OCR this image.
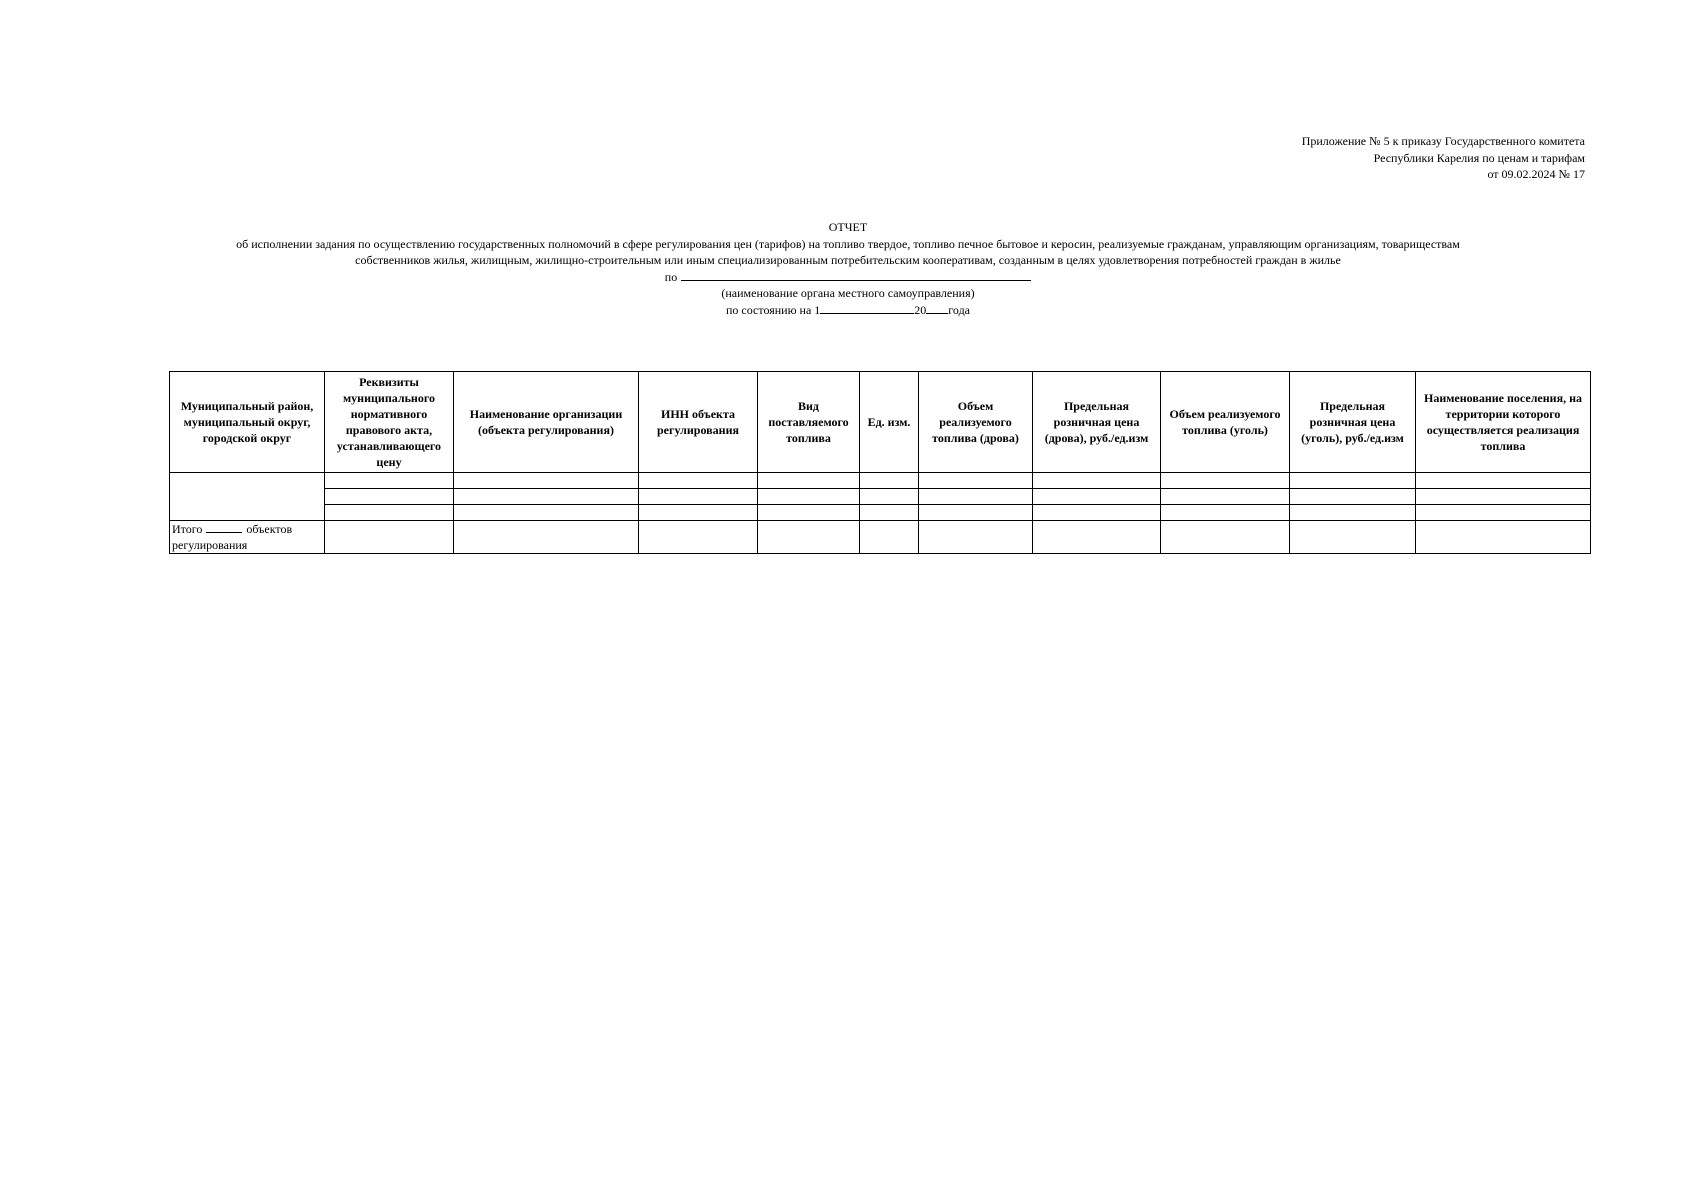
Приложение № 5 к приказу Государственного комитета
Республики Карелия по ценам и тарифам
от 09.02.2024 № 17
ОТЧЕТ
об исполнении задания по осуществлению государственных полномочий в сфере регулирования цен (тарифов) на топливо твердое, топливо печное бытовое и керосин, реализуемые гражданам, управляющим организациям, товариществам
собственников жилья, жилищным, жилищно-строительным или иным специализированным потребительским кооперативам, созданным в целях удовлетворения потребностей граждан в жилье
по
(наименование органа местного самоуправления)
по состоянию на 1	20 года
Муниципальный район, муниципальный округ, городской округ	Реквизиты муниципального нормативного правового акта, устанавливающего цену	Наименование организации (объекта регулирования)	ИНН объекта регулирования	Вид поставляемого топлива	Ед. изм.	Объем реализуемого топлива (дрова)	Предельная розничная цена (дрова), руб./ед.изм	Объем реализуемого топлива (уголь)	Предельная розничная цена (уголь), руб./ед.изм	Наименование поселения, на территории которого осуществляется реализация топлива

Итого объектов регулирования										
